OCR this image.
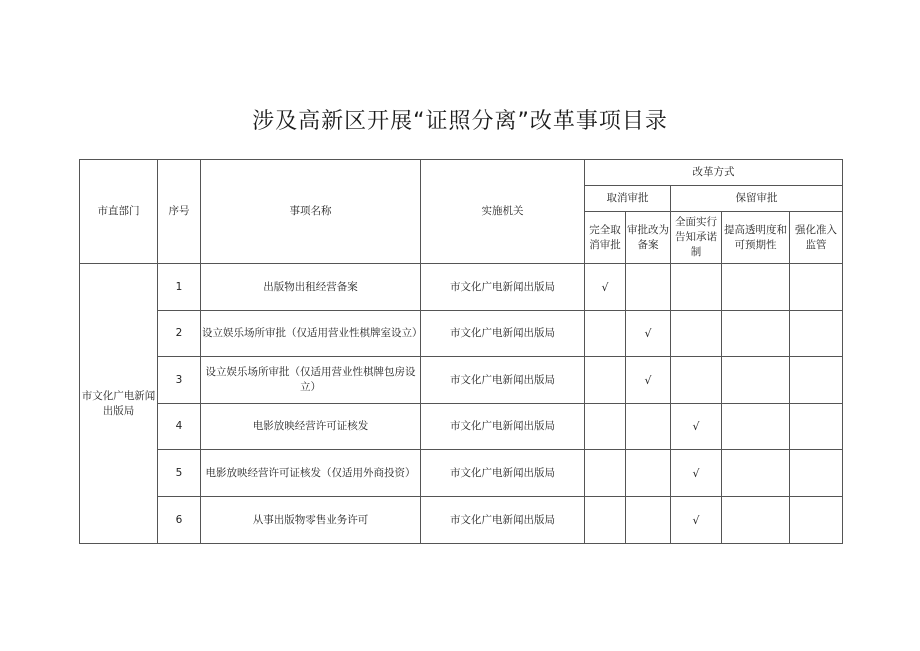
涉及高新区开展“证照分离”改革事项目录
市直部门	序号	事项名称	实施机关	改革方式				
				取消审批		保留审批		
				完全取消审批	审批改为备案	全面实行告知承诺制	提高透明度和可预期性	强化准入监管
市文化广电新闻出版局	1	出版物出租经营备案	市文化广电新闻出版局	√				
	2	设立娱乐场所审批（仅适用营业性棋牌室设立）	市文化广电新闻出版局		√			
	3	设立娱乐场所审批（仅适用营业性棋牌包房设立）	市文化广电新闻出版局		√			
	4	电影放映经营许可证核发	市文化广电新闻出版局			√		
	5	电影放映经营许可证核发（仅适用外商投资）	市文化广电新闻出版局			√		
	6	从事出版物零售业务许可	市文化广电新闻出版局			√		
